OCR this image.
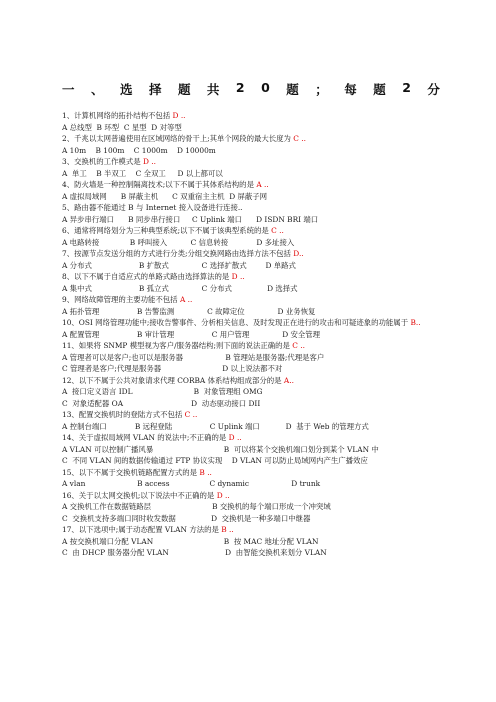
一 、 选 择 题 共 2 0 题 ； 每 题 2 分
1、计算机网络的拓扑结构不包括 D ..
A 总线型  B 环型  C 星型  D 对等型
2、千兆以太网普遍使用在区域网络的骨干上;其单个网段的最大长度为 C ..
A 10m    B 100m    C 1000m    D 10000m
3、交换机的工作模式是 D ..
A  单工    B 半双工    C 全双工     D 以上都可以
4、防火墙是一种控制隔离技术;以下不属于其体系结构的是 A ..
A 虚拟局域网      B 屏蔽主机      C 双重宿主主机  D 屏蔽子网
5、路由器不能通过 B 与 Internet 接入设备进行连接..
A 异步串行端口      B 同步串行接口     C Uplink 端口      D ISDN BRI 端口
6、通常将网络划分为三种典型系统;以下不属于该典型系统的是 C ..
A 电路转接             B 呼叫接入          C 信息转接            D 多址接入
7、按源节点发送分组的方式进行分类;分组交换网路由选择方法不包括 D..
A 分布式                    B 扩散式              C 选择扩散式        D 单路式
8、以下不属于自适应式的单路式路由选择算法的是 D ..
A 集中式                    B 孤立式              C 分布式               D 选择式
9、网络故障管理的主要功能不包括 A ..
A 拓扑管理                B 告警监测              C 故障定位              D 业务恢复
10、OSI 网络管理功能中;接收告警事件、分析相关信息、及时发现正在进行的攻击和可疑迹象的功能属于 B..
A 配置管理                B 审计管理                C 用户管理              D 安全管理
11、如果将 SNMP 模型视为客户/服务器结构;则下面的说法正确的是 C ..
A 管理者可以是客户;也可以是服务器                  B 管理站是服务器;代理是客户
C 管理者是客户;代理是服务器                          D 以上说法都不对
12、以下不属于公共对象请求代理 CORBA 体系结构组成部分的是 A..
A  接口定义语言 IDL                          B  对象管理组 OMG
C  对象适配器 OA                             D  动态驱动接口 DII
13、配置交换机时的登陆方式不包括 C ..
A 控制台端口            B 远程登陆                C Uplink 端口           D  基于 Web 的管理方式
14、关于虚拟局域网 VLAN 的说法中;不正确的是 D ..
A VLAN 可以控制广播风暴                              B  可以将某个交换机端口划分到某个 VLAN 中
C  不同 VLAN 间的数据传输通过 FTP 协议实现    D VLAN 可以防止局域网内产生广播效应
15、以下不属于交换机链路配置方式的是 B ..
A vlan                      B access                 C dynamic                  D trunk
16、关于以太网交换机;以下说法中不正确的是 D ..
A 交换机工作在数据链路层                          B 交换机的每个端口形成一个冲突域
C  交换机支持多端口同时收发数据               D  交换机是一种多端口中继器
17、以下选项中;属于动态配置 VLAN 方法的是 B ..
A 按交换机端口分配 VLAN                              B  按 MAC 地址分配 VLAN
C  由 DHCP 服务器分配 VLAN                        D  由智能交换机来划分 VLAN
